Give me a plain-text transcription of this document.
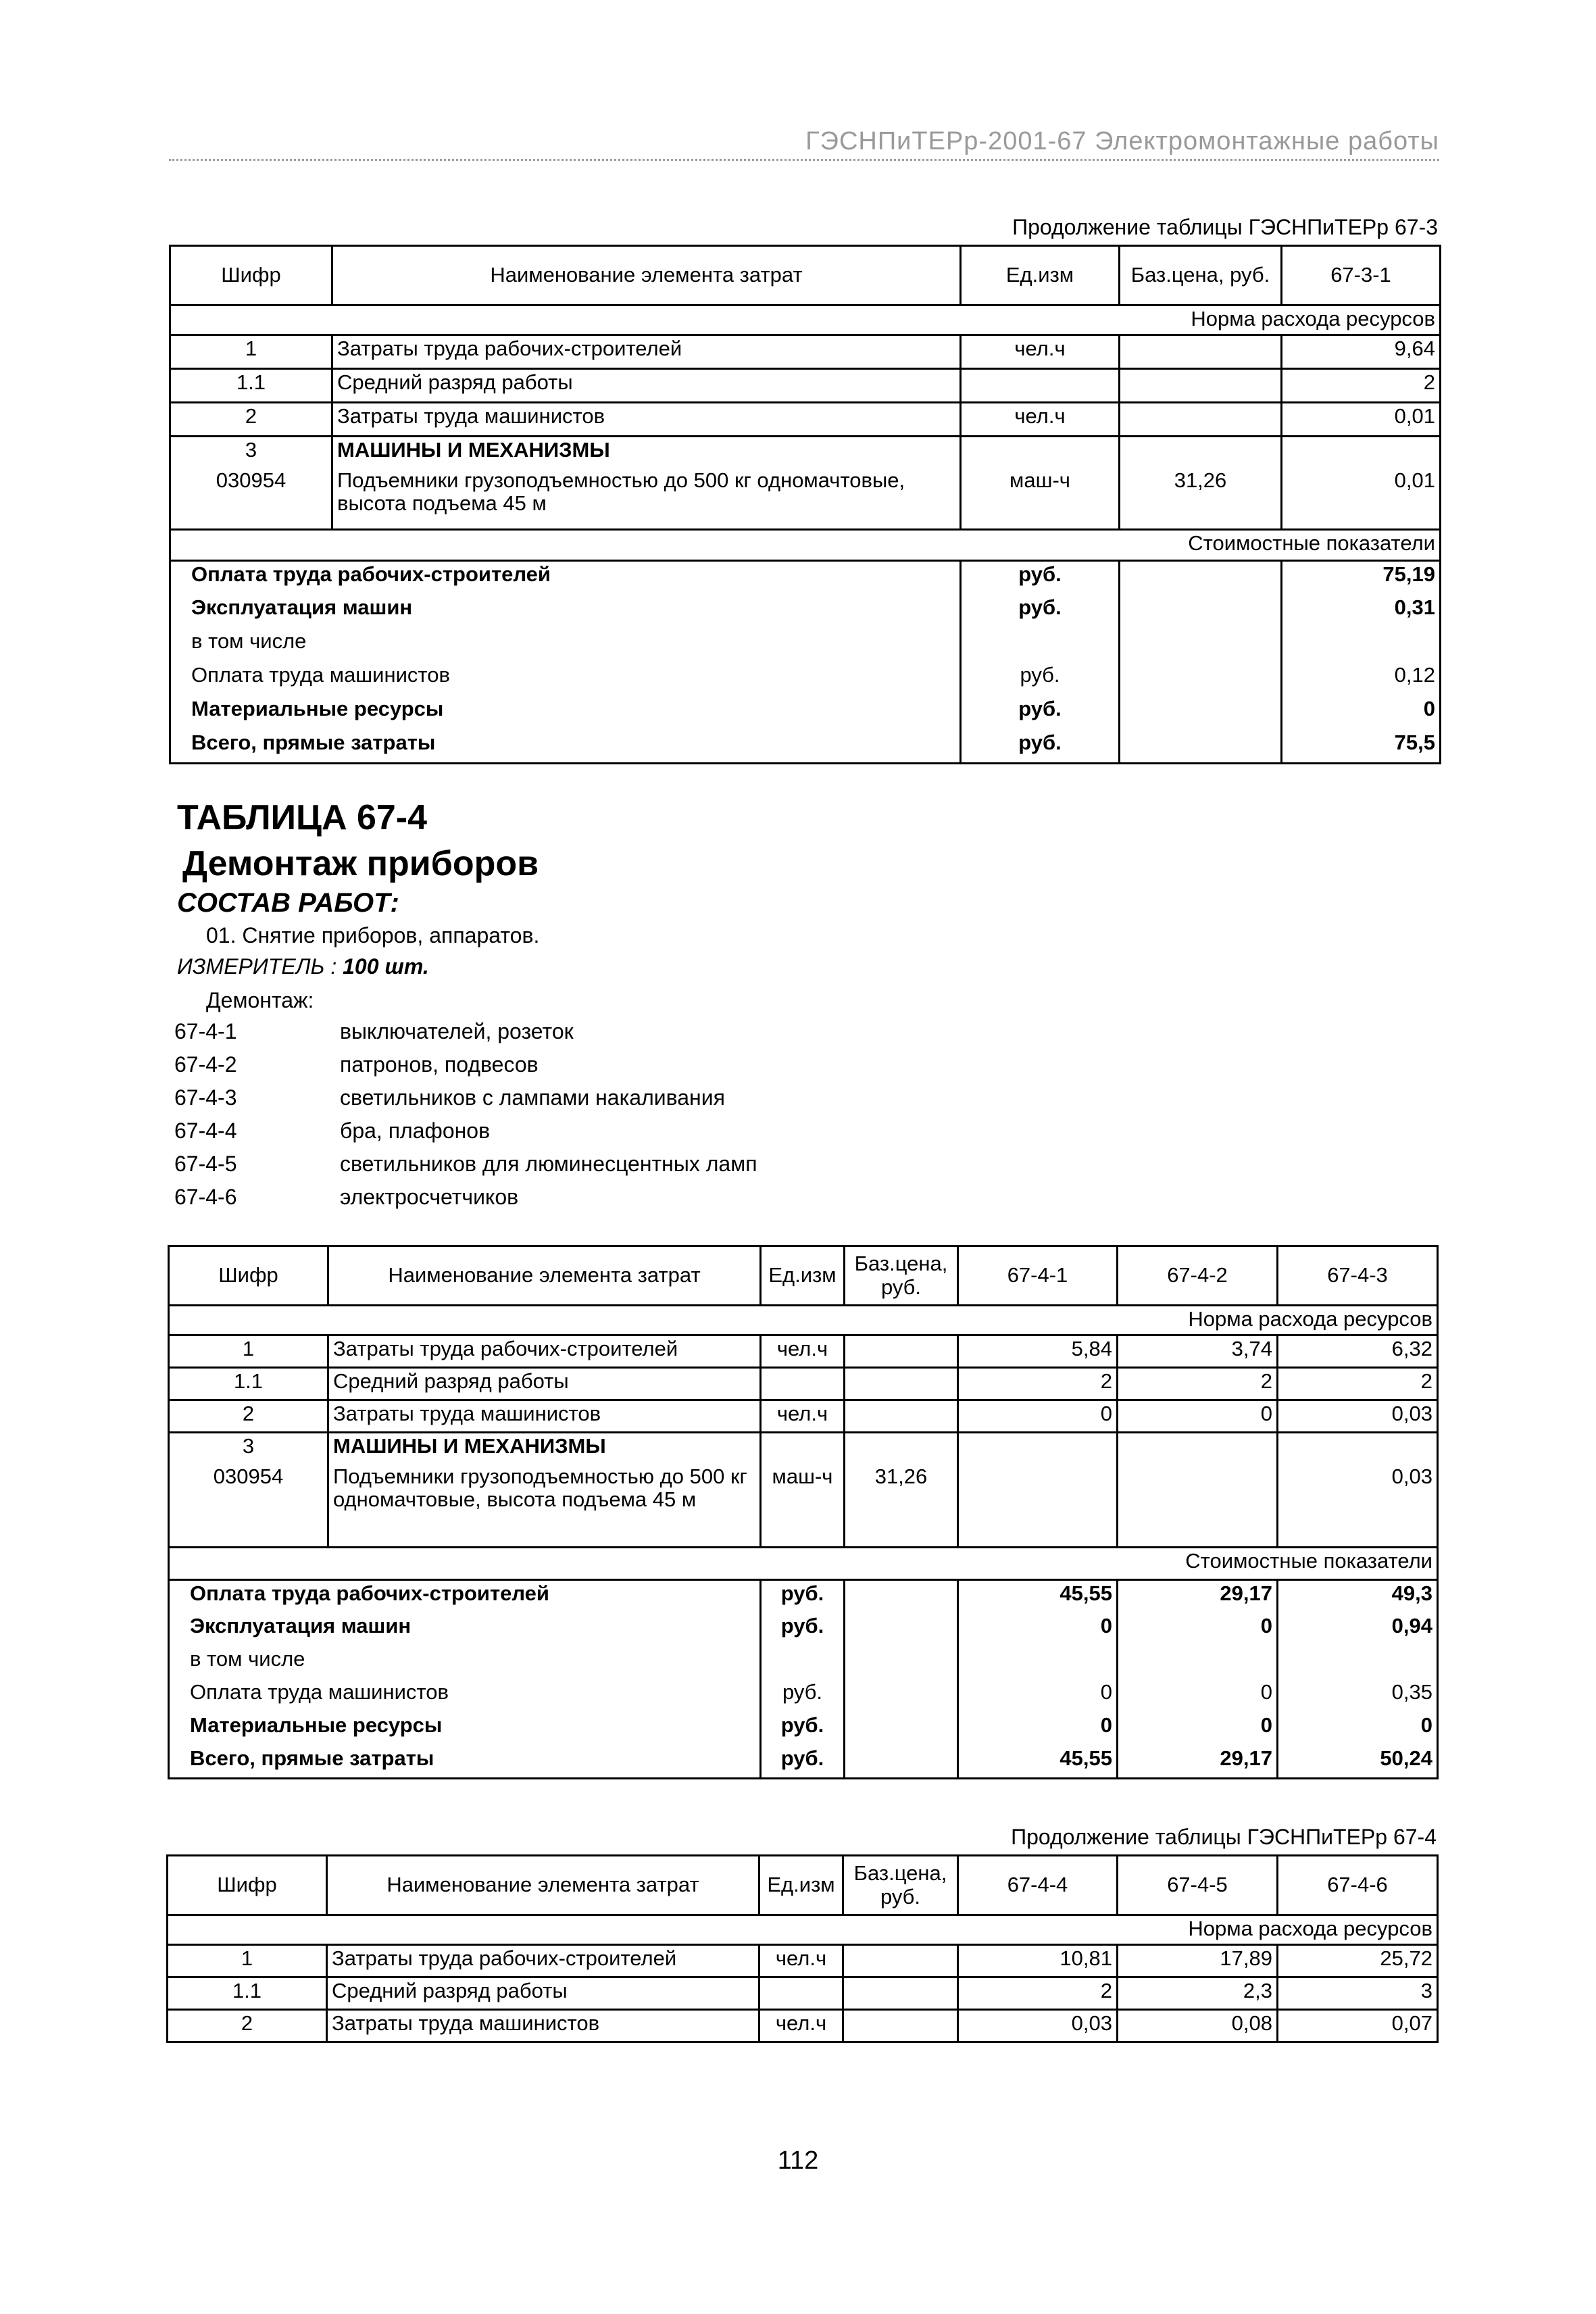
ГЭСНПиТЕРр-2001-67 Электромонтажные работы
Продолжение таблицы ГЭСНПиТЕРр 67-3
Шифр	Наименование элемента затрат	Ед.изм	Баз.цена, руб.	67-3-1
Норма расхода ресурсов				
1	Затраты труда рабочих-строителей	чел.ч		9,64
1.1	Средний разряд работы			2
2	Затраты труда машинистов	чел.ч		0,01
3	МАШИНЫ И МЕХАНИЗМЫ			
030954	Подъемники грузоподъемностью до 500 кг одномачтовые, высота подъема 45 м	маш-ч	31,26	0,01
Стоимостные показатели				
Оплата труда рабочих-строителей		руб.		75,19
Эксплуатация машин		руб.		0,31
в том числе				
Оплата труда машинистов		руб.		0,12
Материальные ресурсы		руб.		0
Всего, прямые затраты		руб.		75,5
ТАБЛИЦА 67-4
Демонтаж приборов
СОСТАВ РАБОТ:
01. Снятие приборов, аппаратов.
ИЗМЕРИТЕЛЬ : 100 шт.
Демонтаж:
67-4-1	выключателей, розеток
67-4-2	патронов, подвесов
67-4-3	светильников с лампами накаливания
67-4-4	бра, плафонов
67-4-5	светильников для люминесцентных ламп
67-4-6	электросчетчиков
Шифр	Наименование элемента затрат	Ед.изм	Баз.цена, руб.	67-4-1	67-4-2	67-4-3
Норма расхода ресурсов						
1	Затраты труда рабочих-строителей	чел.ч		5,84	3,74	6,32
1.1	Средний разряд работы			2	2	2
2	Затраты труда машинистов	чел.ч		0	0	0,03
3	МАШИНЫ И МЕХАНИЗМЫ					
030954	Подъемники грузоподъемностью до 500 кг одномачтовые, высота подъема 45 м	маш-ч	31,26			0,03
Стоимостные показатели						
Оплата труда рабочих-строителей		руб.		45,55	29,17	49,3
Эксплуатация машин		руб.		0	0	0,94
в том числе						
Оплата труда машинистов		руб.		0	0	0,35
Материальные ресурсы		руб.		0	0	0
Всего, прямые затраты		руб.		45,55	29,17	50,24
Продолжение таблицы ГЭСНПиТЕРр 67-4
Шифр	Наименование элемента затрат	Ед.изм	Баз.цена, руб.	67-4-4	67-4-5	67-4-6
Норма расхода ресурсов						
1	Затраты труда рабочих-строителей	чел.ч		10,81	17,89	25,72
1.1	Средний разряд работы			2	2,3	3
2	Затраты труда машинистов	чел.ч		0,03	0,08	0,07
112
